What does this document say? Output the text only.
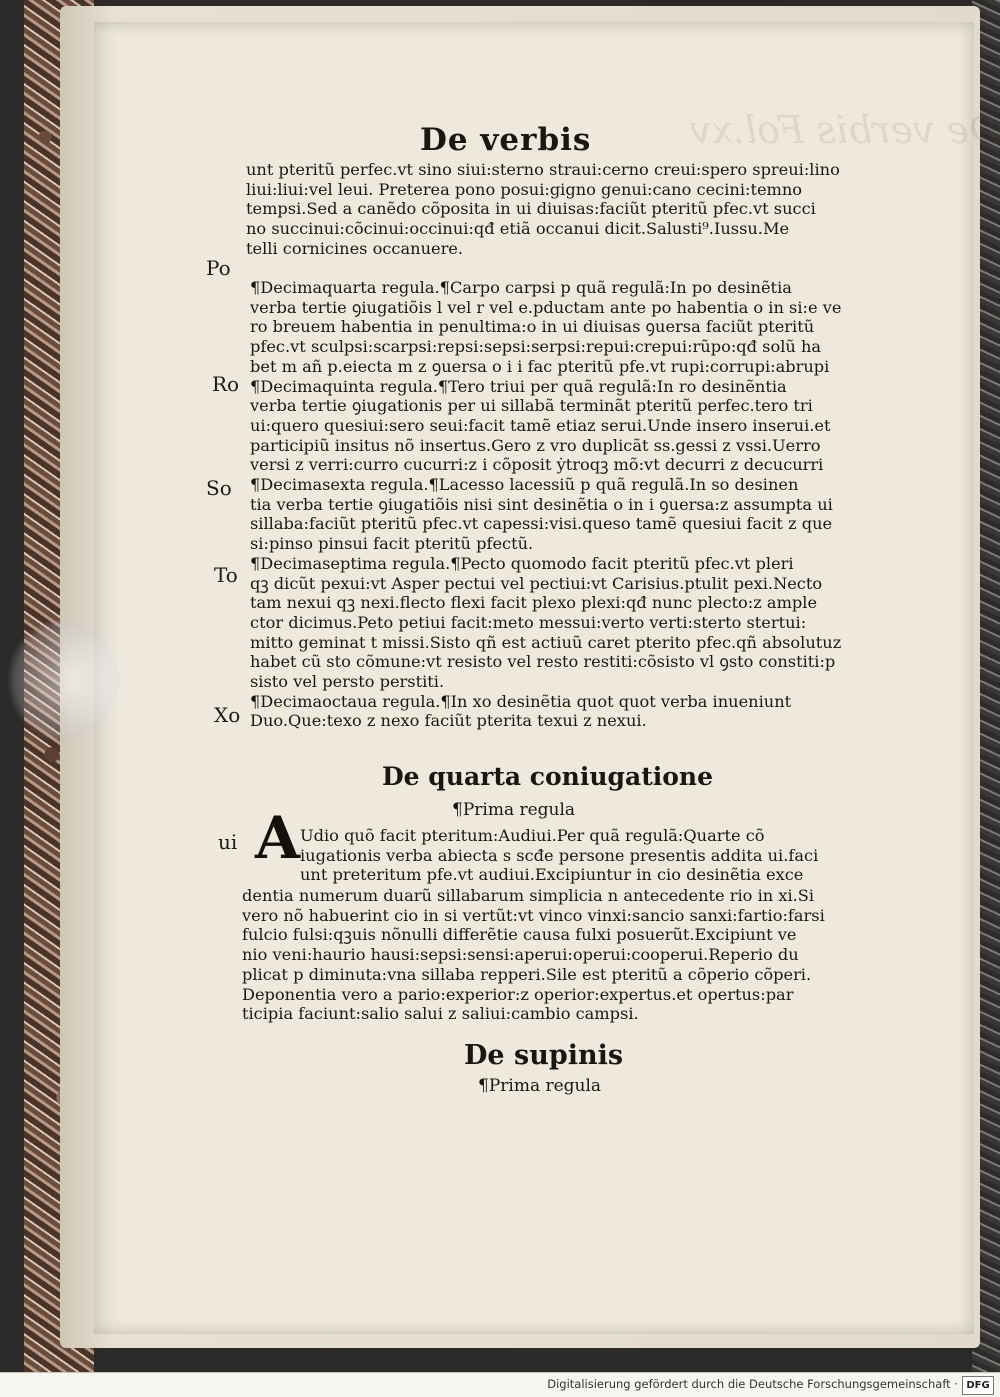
De verbis Fol.xv
De verbis
unt pteritũ perfec.vt sino siui:sterno straui:cerno creui:spero spreui:lino
liui:liui:vel leui. Preterea pono posui:gigno genui:cano cecini:temno
tempsi.Sed a canẽdo cõposita in ui diuisas:faciũt pteritũ pfec.vt succi
no succinui:cõcinui:occinui:qđ etiã occanui dicit.Salusti⁹.Iussu.Me
telli cornicines occanuere.
¶Decimaquarta regula.¶Carpo carpsi p quã regulã:In po desinẽtia
verba tertie ꝯiugatiõis l vel r vel e.pductam ante po habentia o in si:e ve
ro breuem habentia in penultima:o in ui diuisas ꝯuersa faciũt pteritũ
pfec.vt sculpsi:scarpsi:repsi:sepsi:serpsi:repui:crepui:rũpo:qđ solũ ha
bet m añ p.eiecta m z ꝯuersa o i i fac pteritũ pfe.vt rupi:corrupi:abrupi
¶Decimaquinta regula.¶Tero triui per quã regulã:In ro desinẽntia
verba tertie ꝯiugationis per ui sillabã terminãt pteritũ perfec.tero tri
ui:quero quesiui:sero seui:facit tamẽ etiaz serui.Unde insero inserui.et
participiũ insitus nõ insertus.Gero z vro duplicãt ss.gessi z vssi.Uerro
versi z verri:curro cucurri:z i cõposit ẏtroqꝫ mõ:vt decurri z decucurri
¶Decimasexta regula.¶Lacesso lacessiũ p quã regulã.In so desinen
tia verba tertie ꝯiugatiõis nisi sint desinẽtia o in i ꝯuersa:z assumpta ui
sillaba:faciũt pteritũ pfec.vt capessi:visi.queso tamẽ quesiui facit z que
si:pinso pinsui facit pteritũ pfectũ.
¶Decimaseptima regula.¶Pecto quomodo facit pteritũ pfec.vt pleri
qꝫ dicũt pexui:vt Asper pectui vel pectiui:vt Carisius.ptulit pexi.Necto
tam nexui qꝫ nexi.flecto flexi facit plexo plexi:qđ nunc plecto:z ample
ctor dicimus.Peto petiui facit:meto messui:verto verti:sterto stertui:
mitto geminat t missi.Sisto qñ est actiuũ caret pterito pfec.qñ absolutuz
habet cũ sto cõmune:vt resisto vel resto restiti:cõsisto vl ꝯsto constiti:p
sisto vel persto perstiti.
¶Decimaoctaua regula.¶In xo desinẽtia quot quot verba inueniunt
Duo.Que:texo z nexo faciũt pterita texui z nexui.
Po
Ro
So
To
Xo
ui
De quarta coniugatione
¶Prima regula
A Udio quõ facit pteritum:Audiui.Per quã regulã:Quarte cõ
iugationis verba abiecta s scđe persone presentis addita ui.faci
unt preteritum pfe.vt audiui.Excipiuntur in cio desinẽtia exce
dentia numerum duarũ sillabarum simplicia n antecedente rio in xi.Si
vero nõ habuerint cio in si vertũt:vt vinco vinxi:sancio sanxi:fartio:farsi
fulcio fulsi:qꝫuis nõnulli differẽtie causa fulxi posuerũt.Excipiunt ve
nio veni:haurio hausi:sepsi:sensi:aperui:operui:cooperui.Reperio du
plicat p diminuta:vna sillaba repperi.Sile est pteritũ a cõperio cõperi.
Deponentia vero a pario:experior:z operior:expertus.et opertus:par
ticipia faciunt:salio salui z saliui:cambio campsi.
De supinis
¶Prima regula
Digitalisierung gefördert durch die Deutsche Forschungsgemeinschaft · DFG
